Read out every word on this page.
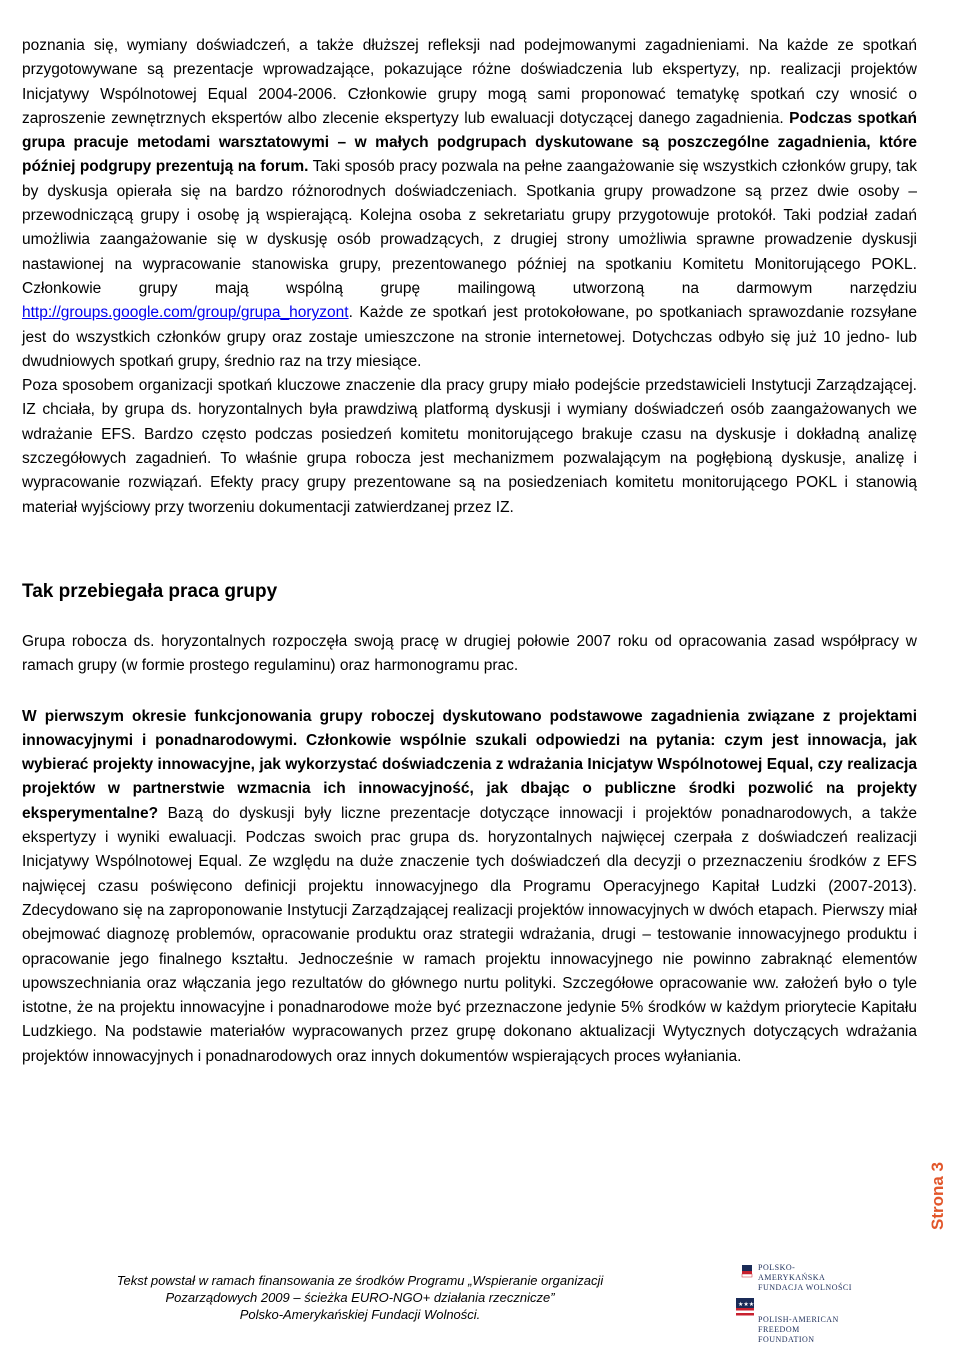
poznania się, wymiany doświadczeń, a także dłuższej refleksji nad podejmowanymi zagadnieniami. Na każde ze spotkań przygotowywane są prezentacje wprowadzające, pokazujące różne doświadczenia lub ekspertyzy, np. realizacji projektów Inicjatywy Wspólnotowej Equal 2004-2006. Członkowie grupy mogą sami proponować tematykę spotkań czy wnosić o zaproszenie zewnętrznych ekspertów albo zlecenie ekspertyzy lub ewaluacji dotyczącej danego zagadnienia. Podczas spotkań grupa pracuje metodami warsztatowymi – w małych podgrupach dyskutowane są poszczególne zagadnienia, które później podgrupy prezentują na forum. Taki sposób pracy pozwala na pełne zaangażowanie się wszystkich członków grupy, tak by dyskusja opierała się na bardzo różnorodnych doświadczeniach. Spotkania grupy prowadzone są przez dwie osoby – przewodniczącą grupy i osobę ją wspierającą. Kolejna osoba z sekretariatu grupy przygotowuje protokół. Taki podział zadań umożliwia zaangażowanie się w dyskusję osób prowadzących, z drugiej strony umożliwia sprawne prowadzenie dyskusji nastawionej na wypracowanie stanowiska grupy, prezentowanego później na spotkaniu Komitetu Monitorującego POKL. Członkowie grupy mają wspólną grupę mailingową utworzoną na darmowym narzędziu http://groups.google.com/group/grupa_horyzont. Każde ze spotkań jest protokołowane, po spotkaniach sprawozdanie rozsyłane jest do wszystkich członków grupy oraz zostaje umieszczone na stronie internetowej. Dotychczas odbyło się już 10 jedno- lub dwudniowych spotkań grupy, średnio raz na trzy miesiące.

Poza sposobem organizacji spotkań kluczowe znaczenie dla pracy grupy miało podejście przedstawicieli Instytucji Zarządzającej. IZ chciała, by grupa ds. horyzontalnych była prawdziwą platformą dyskusji i wymiany doświadczeń osób zaangażowanych we wdrażanie EFS. Bardzo często podczas posiedzeń komitetu monitorującego brakuje czasu na dyskusje i dokładną analizę szczegółowych zagadnień. To właśnie grupa robocza jest mechanizmem pozwalającym na pogłębioną dyskusje, analizę i wypracowanie rozwiązań. Efekty pracy grupy prezentowane są na posiedzeniach komitetu monitorującego POKL i stanowią materiał wyjściowy przy tworzeniu dokumentacji zatwierdzanej przez IZ.

Tak przebiegała praca grupy

Grupa robocza ds. horyzontalnych rozpoczęła swoją pracę w drugiej połowie 2007 roku od opracowania zasad współpracy w ramach grupy (w formie prostego regulaminu) oraz harmonogramu prac.

W pierwszym okresie funkcjonowania grupy roboczej dyskutowano podstawowe zagadnienia związane z projektami innowacyjnymi i ponadnarodowymi. Członkowie wspólnie szukali odpowiedzi na pytania: czym jest innowacja, jak wybierać projekty innowacyjne, jak wykorzystać doświadczenia z wdrażania Inicjatyw Wspólnotowej Equal, czy realizacja projektów w partnerstwie wzmacnia ich innowacyjność, jak dbając o publiczne środki pozwolić na projekty eksperymentalne? Bazą do dyskusji były liczne prezentacje dotyczące innowacji i projektów ponadnarodowych, a także ekspertyzy i wyniki ewaluacji. Podczas swoich prac grupa ds. horyzontalnych najwięcej czerpała z doświadczeń realizacji Inicjatywy Wspólnotowej Equal. Ze względu na duże znaczenie tych doświadczeń dla decyzji o przeznaczeniu środków z EFS najwięcej czasu poświęcono definicji projektu innowacyjnego dla Programu Operacyjnego Kapitał Ludzki (2007-2013). Zdecydowano się na zaproponowanie Instytucji Zarządzającej realizacji projektów innowacyjnych w dwóch etapach. Pierwszy miał obejmować diagnozę problemów, opracowanie produktu oraz strategii wdrażania, drugi – testowanie innowacyjnego produktu i opracowanie jego finalnego kształtu. Jednocześnie w ramach projektu innowacyjnego nie powinno zabraknąć elementów upowszechniania oraz włączania jego rezultatów do głównego nurtu polityki. Szczegółowe opracowanie ww. założeń było o tyle istotne, że na projektu innowacyjne i ponadnarodowe może być przeznaczone jedynie 5% środków w każdym priorytecie Kapitału Ludzkiego. Na podstawie materiałów wypracowanych przez grupę dokonano aktualizacji Wytycznych dotyczących wdrażania projektów innowacyjnych i ponadnarodowych oraz innych dokumentów wspierających proces wyłaniania.

Strona 3
Tekst powstał w ramach finansowania ze środków Programu „Wspieranie organizacji
Pozarządowych 2009 – ścieżka EURO-NGO+ działania rzecznicze”
Polsko-Amerykańskiej Fundacji Wolności.
POLSKO-AMERYKAŃSKA
FUNDACJA WOLNOŚCI
★★★
POLISH-AMERICAN
FREEDOM FOUNDATION
